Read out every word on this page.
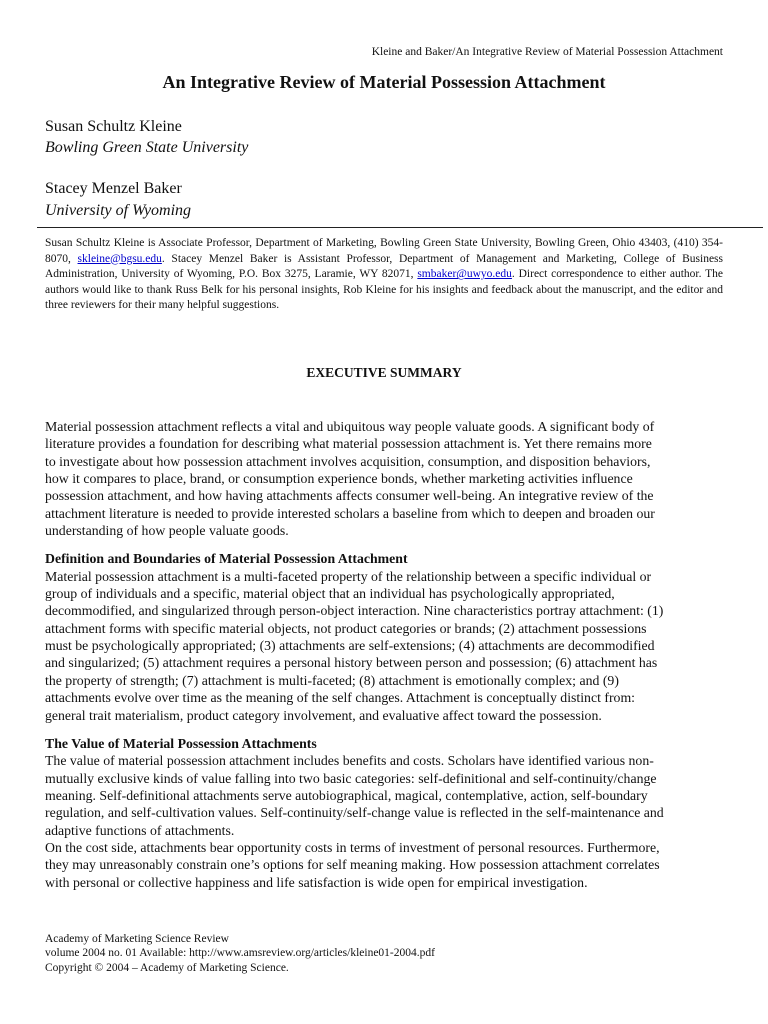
Kleine and Baker/An Integrative Review of Material Possession Attachment
An Integrative Review of Material Possession Attachment
Susan Schultz Kleine
Bowling Green State University
Stacey Menzel Baker
University of Wyoming
Susan Schultz Kleine is Associate Professor, Department of Marketing, Bowling Green State University, Bowling Green, Ohio 43403, (410) 354-8070, skleine@bgsu.edu. Stacey Menzel Baker is Assistant Professor, Department of Management and Marketing, College of Business Administration, University of Wyoming, P.O. Box 3275, Laramie, WY 82071, smbaker@uwyo.edu. Direct correspondence to either author. The authors would like to thank Russ Belk for his personal insights, Rob Kleine for his insights and feedback about the manuscript, and the editor and three reviewers for their many helpful suggestions.
EXECUTIVE SUMMARY

Material possession attachment reflects a vital and ubiquitous way people valuate goods. A significant body of

literature provides a foundation for describing what material possession attachment is. Yet there remains more

to investigate about how possession attachment involves acquisition, consumption, and disposition behaviors,

how it compares to place, brand, or consumption experience bonds, whether marketing activities influence

possession attachment, and how having attachments affects consumer well-being. An integrative review of the

attachment literature is needed to provide interested scholars a baseline from which to deepen and broaden our

understanding of how people valuate goods.

Definition and Boundaries of Material Possession Attachment

Material possession attachment is a multi-faceted property of the relationship between a specific individual or

group of individuals and a specific, material object that an individual has psychologically appropriated,

decommodified, and singularized through person-object interaction. Nine characteristics portray attachment: (1)

attachment forms with specific material objects, not product categories or brands; (2) attachment possessions

must be psychologically appropriated; (3) attachments are self-extensions; (4) attachments are decommodified

and singularized; (5) attachment requires a personal history between person and possession; (6) attachment has

the property of strength; (7) attachment is multi-faceted; (8) attachment is emotionally complex; and (9)

attachments evolve over time as the meaning of the self changes. Attachment is conceptually distinct from:

general trait materialism, product category involvement, and evaluative affect toward the possession.

The Value of Material Possession Attachments

The value of material possession attachment includes benefits and costs. Scholars have identified various non-

mutually exclusive kinds of value falling into two basic categories: self-definitional and self-continuity/change

meaning. Self-definitional attachments serve autobiographical, magical, contemplative, action, self-boundary

regulation, and self-cultivation values. Self-continuity/self-change value is reflected in the self-maintenance and

adaptive functions of attachments.

On the cost side, attachments bear opportunity costs in terms of investment of personal resources. Furthermore,

they may unreasonably constrain one’s options for self meaning making. How possession attachment correlates

with personal or collective happiness and life satisfaction is wide open for empirical investigation.

Academy of Marketing Science Review
volume 2004 no. 01 Available: http://www.amsreview.org/articles/kleine01-2004.pdf
Copyright © 2004 – Academy of Marketing Science.
